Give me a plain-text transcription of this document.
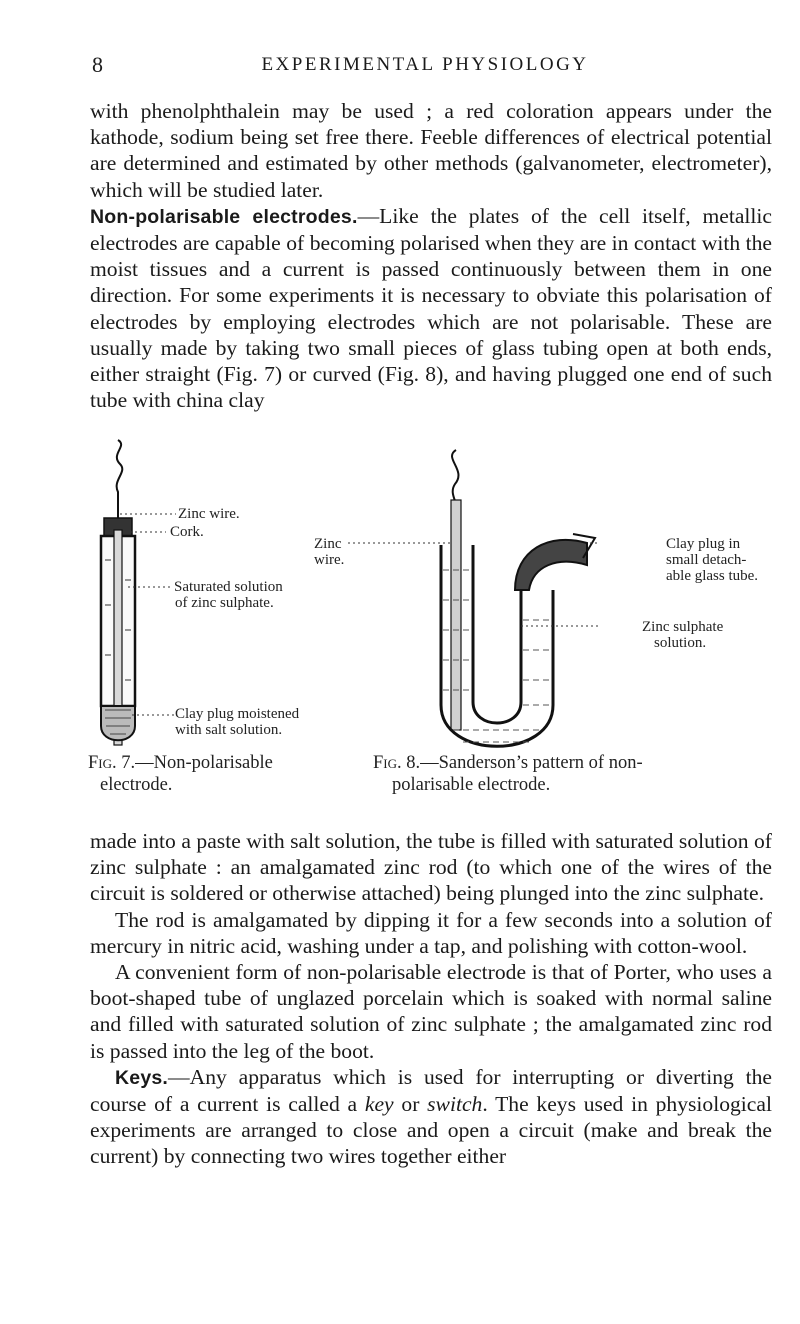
8	EXPERIMENTAL PHYSIOLOGY

with phenolphthalein may be used ; a red coloration appears under the kathode, sodium being set free there. Feeble differences of electrical potential are determined and estimated by other methods (galvanometer, electrometer), which will be studied later.

Non-polarisable electrodes.—Like the plates of the cell itself, metallic electrodes are capable of becoming polarised when they are in contact with the moist tissues and a current is passed continuously between them in one direction. For some experiments it is necessary to obviate this polarisation of electrodes by employing electrodes which are not polarisable. These are usually made by taking two small pieces of glass tubing open at both ends, either straight (Fig. 7) or curved (Fig. 8), and having plugged one end of such tube with china clay

Zinc wire.
Cork.
Saturated solution
of zinc sulphate.
Clay plug moistened
with salt solution.
Fig. 7.—Non-polarisable
electrode.
Zinc
wire.
Clay plug in
small detach-
able glass tube.
Zinc sulphate
solution.
Fig. 8.—Sanderson’s pattern of non-
polarisable electrode.

made into a paste with salt solution, the tube is filled with saturated solution of zinc sulphate : an amalgamated zinc rod (to which one of the wires of the circuit is soldered or otherwise attached) being plunged into the zinc sulphate.

The rod is amalgamated by dipping it for a few seconds into a solution of mercury in nitric acid, washing under a tap, and polishing with cotton-wool.

A convenient form of non-polarisable electrode is that of Porter, who uses a boot-shaped tube of unglazed porcelain which is soaked with normal saline and filled with saturated solution of zinc sulphate ; the amalgamated zinc rod is passed into the leg of the boot.

Keys.—Any apparatus which is used for interrupting or diverting the course of a current is called a key or switch. The keys used in physiological experiments are arranged to close and open a circuit (make and break the current) by connecting two wires together either
